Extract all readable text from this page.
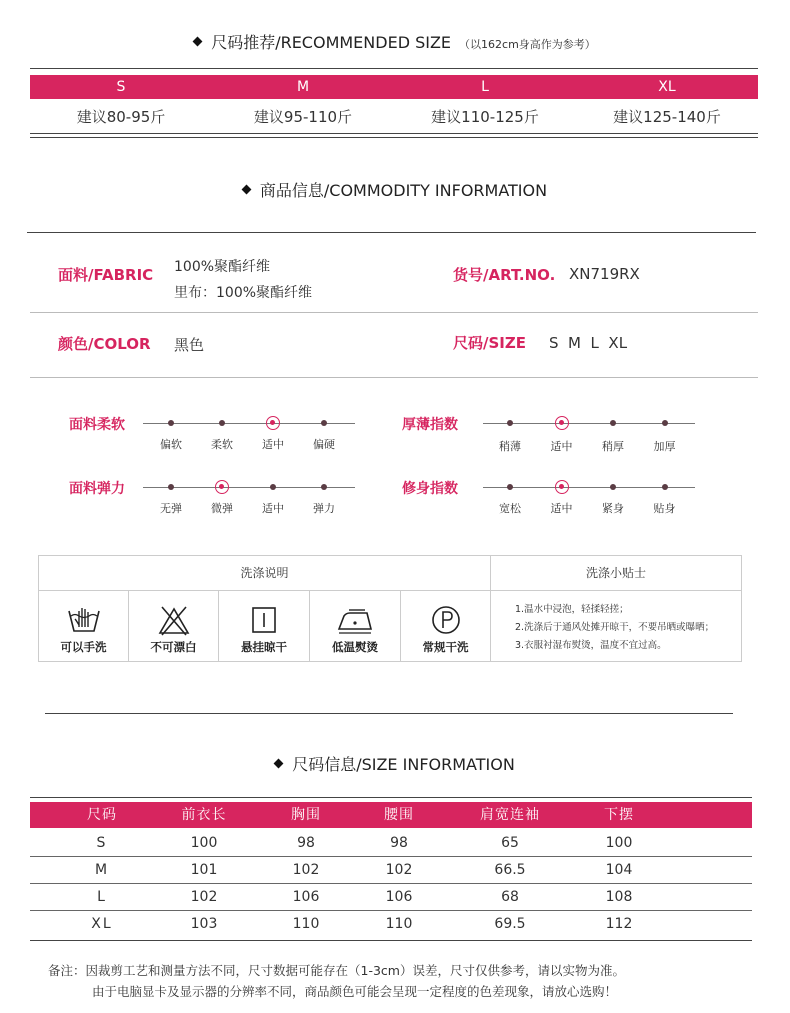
尺码推荐/RECOMMENDED SIZE （以162cm身高作为参考）
S	M	L	XL
建议80-95斤	建议95-110斤	建议110-125斤	建议125-140斤
商品信息/COMMODITY INFORMATION
面料/FABRIC 100%聚酯纤维
里布：100%聚酯纤维
货号/ART.NO. XN719RX
颜色/COLOR 黑色	尺码/SIZE S  M  L  XL
面料柔软
偏软	柔软	适中	偏硬
厚薄指数
稍薄	适中	稍厚	加厚
面料弹力
无弹	微弹	适中	弹力
修身指数
宽松	适中	紧身	贴身
洗涤说明	洗涤小贴士
可以手洗	不可漂白	悬挂晾干	低温熨烫	常规干洗
1.温水中浸泡，轻揉轻搓；
2.洗涤后于通风处摊开晾干，不要吊晒或曝晒；
3.衣服衬湿布熨烫，温度不宜过高。
尺码信息/SIZE INFORMATION
尺码	前衣长	胸围	腰围	肩宽连袖	下摆
S	100	98	98	65	100
M	101	102	102	66.5	104
L	102	106	106	68	108
XL	103	110	110	69.5	112
备注：因裁剪工艺和测量方法不同，尺寸数据可能存在（1-3cm）误差，尺寸仅供参考，请以实物为准。
由于电脑显卡及显示器的分辨率不同，商品颜色可能会呈现一定程度的色差现象，请放心选购！
